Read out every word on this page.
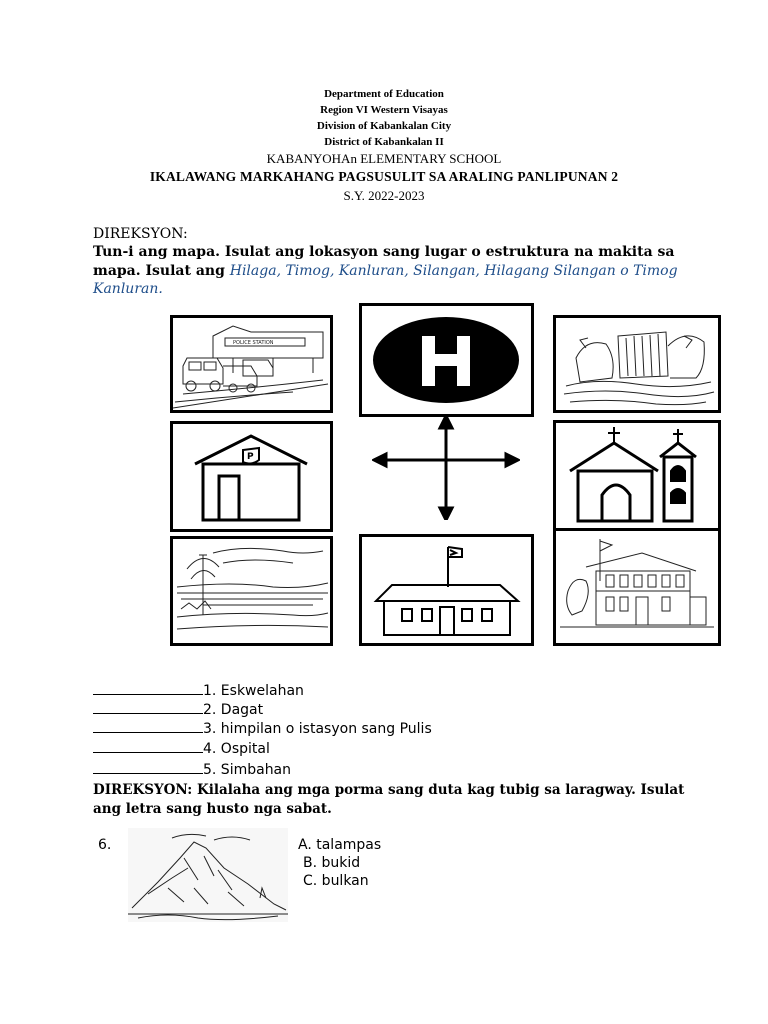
Department of Education
Region VI Western Visayas
Division of Kabankalan City
District of Kabankalan II
KABANYOHAn ELEMENTARY SCHOOL
IKALAWANG MARKAHANG PAGSUSULIT SA ARALING PANLIPUNAN 2
S.Y. 2022-2023
DIREKSYON:
Tun-i ang mapa. Isulat ang lokasyon sang lugar o estruktura na makita sa
mapa. Isulat ang Hilaga, Timog, Kanluran, Silangan, Hilagang Silangan o Timog
Kanluran.
POLICE STATION
P
1. Eskwelahan
2. Dagat
3. himpilan o istasyon sang Pulis
4. Ospital
5. Simbahan
DIREKSYON: Kilalaha ang mga porma sang duta kag tubig sa laragway. Isulat
ang letra sang husto nga sabat.
6.	A. talampas
B. bukid
C. bulkan
